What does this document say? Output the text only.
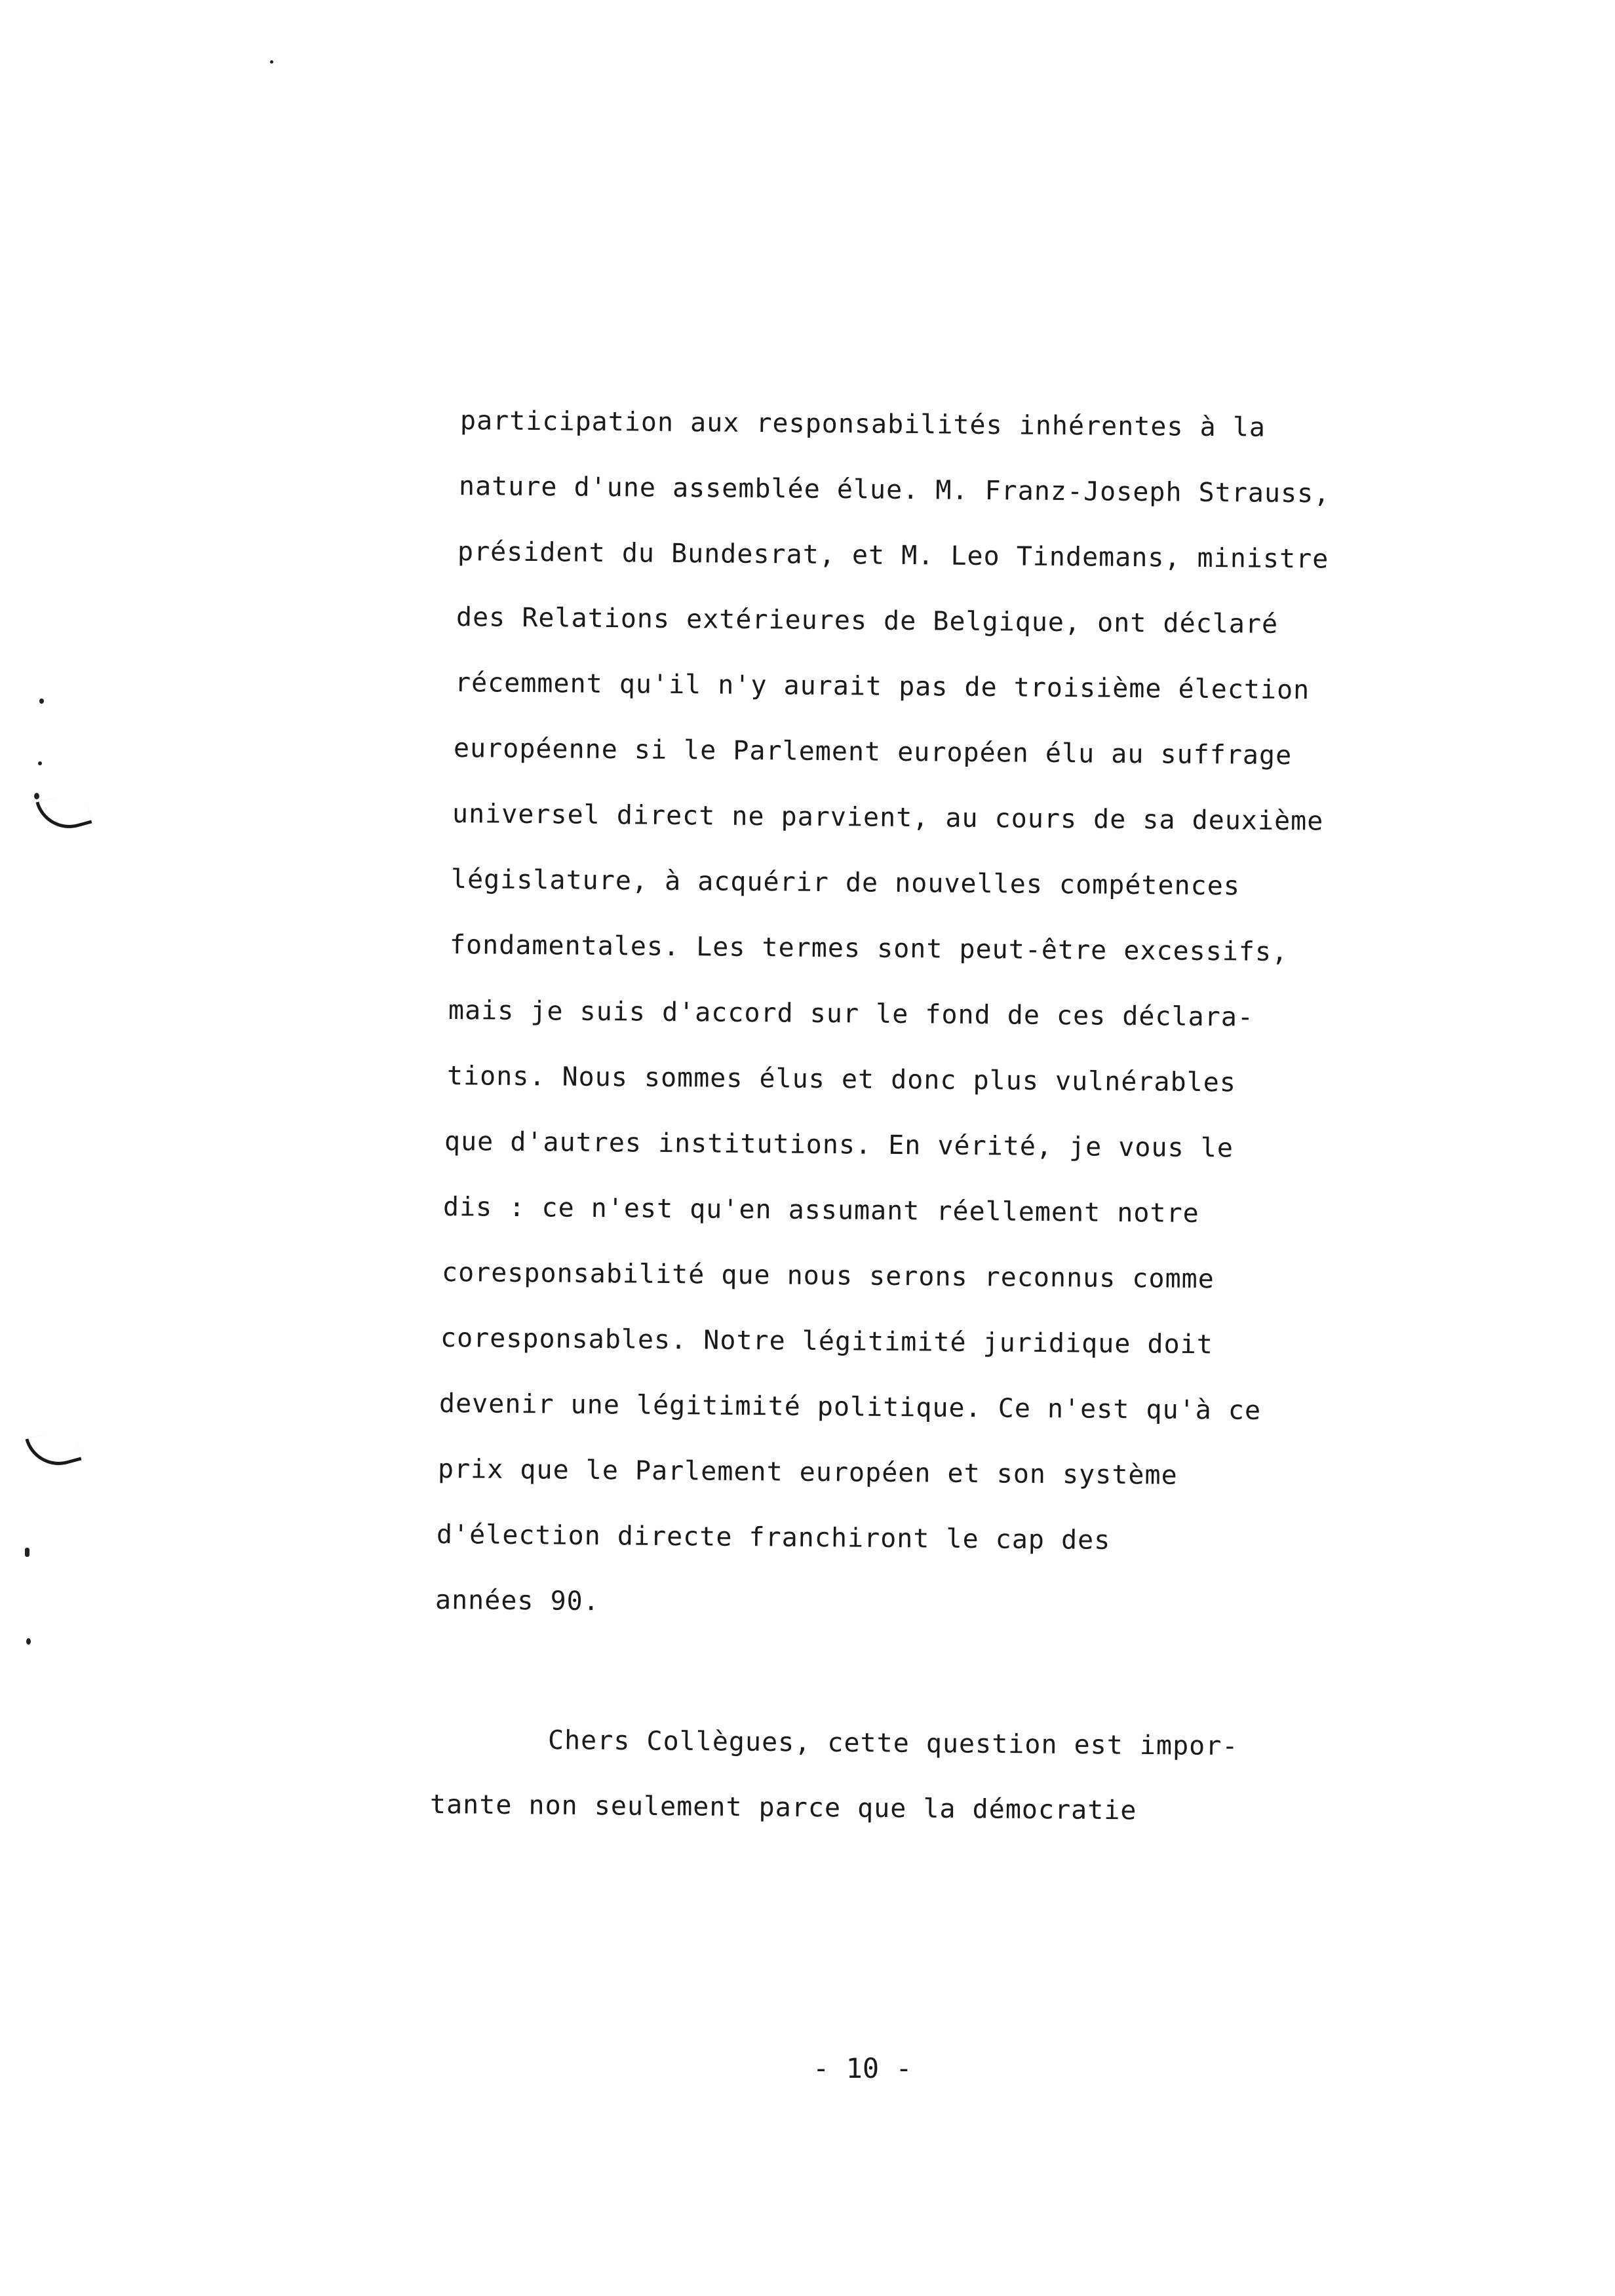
participation aux responsabilités inhérentes à la
nature d'une assemblée élue. M. Franz-Joseph Strauss,
président du Bundesrat, et M. Leo Tindemans, ministre
des Relations extérieures de Belgique, ont déclaré
récemment qu'il n'y aurait pas de troisième élection
européenne si le Parlement européen élu au suffrage
universel direct ne parvient, au cours de sa deuxième
législature, à acquérir de nouvelles compétences
fondamentales. Les termes sont peut-être excessifs,
mais je suis d'accord sur le fond de ces déclara-
tions. Nous sommes élus et donc plus vulnérables
que d'autres institutions. En vérité, je vous le
dis : ce n'est qu'en assumant réellement notre
coresponsabilité que nous serons reconnus comme
coresponsables. Notre légitimité juridique doit
devenir une légitimité politique. Ce n'est qu'à ce
prix que le Parlement européen et son système
d'élection directe franchiront le cap des
années 90.
Chers Collègues, cette question est impor-
tante non seulement parce que la démocratie
- 10 -
